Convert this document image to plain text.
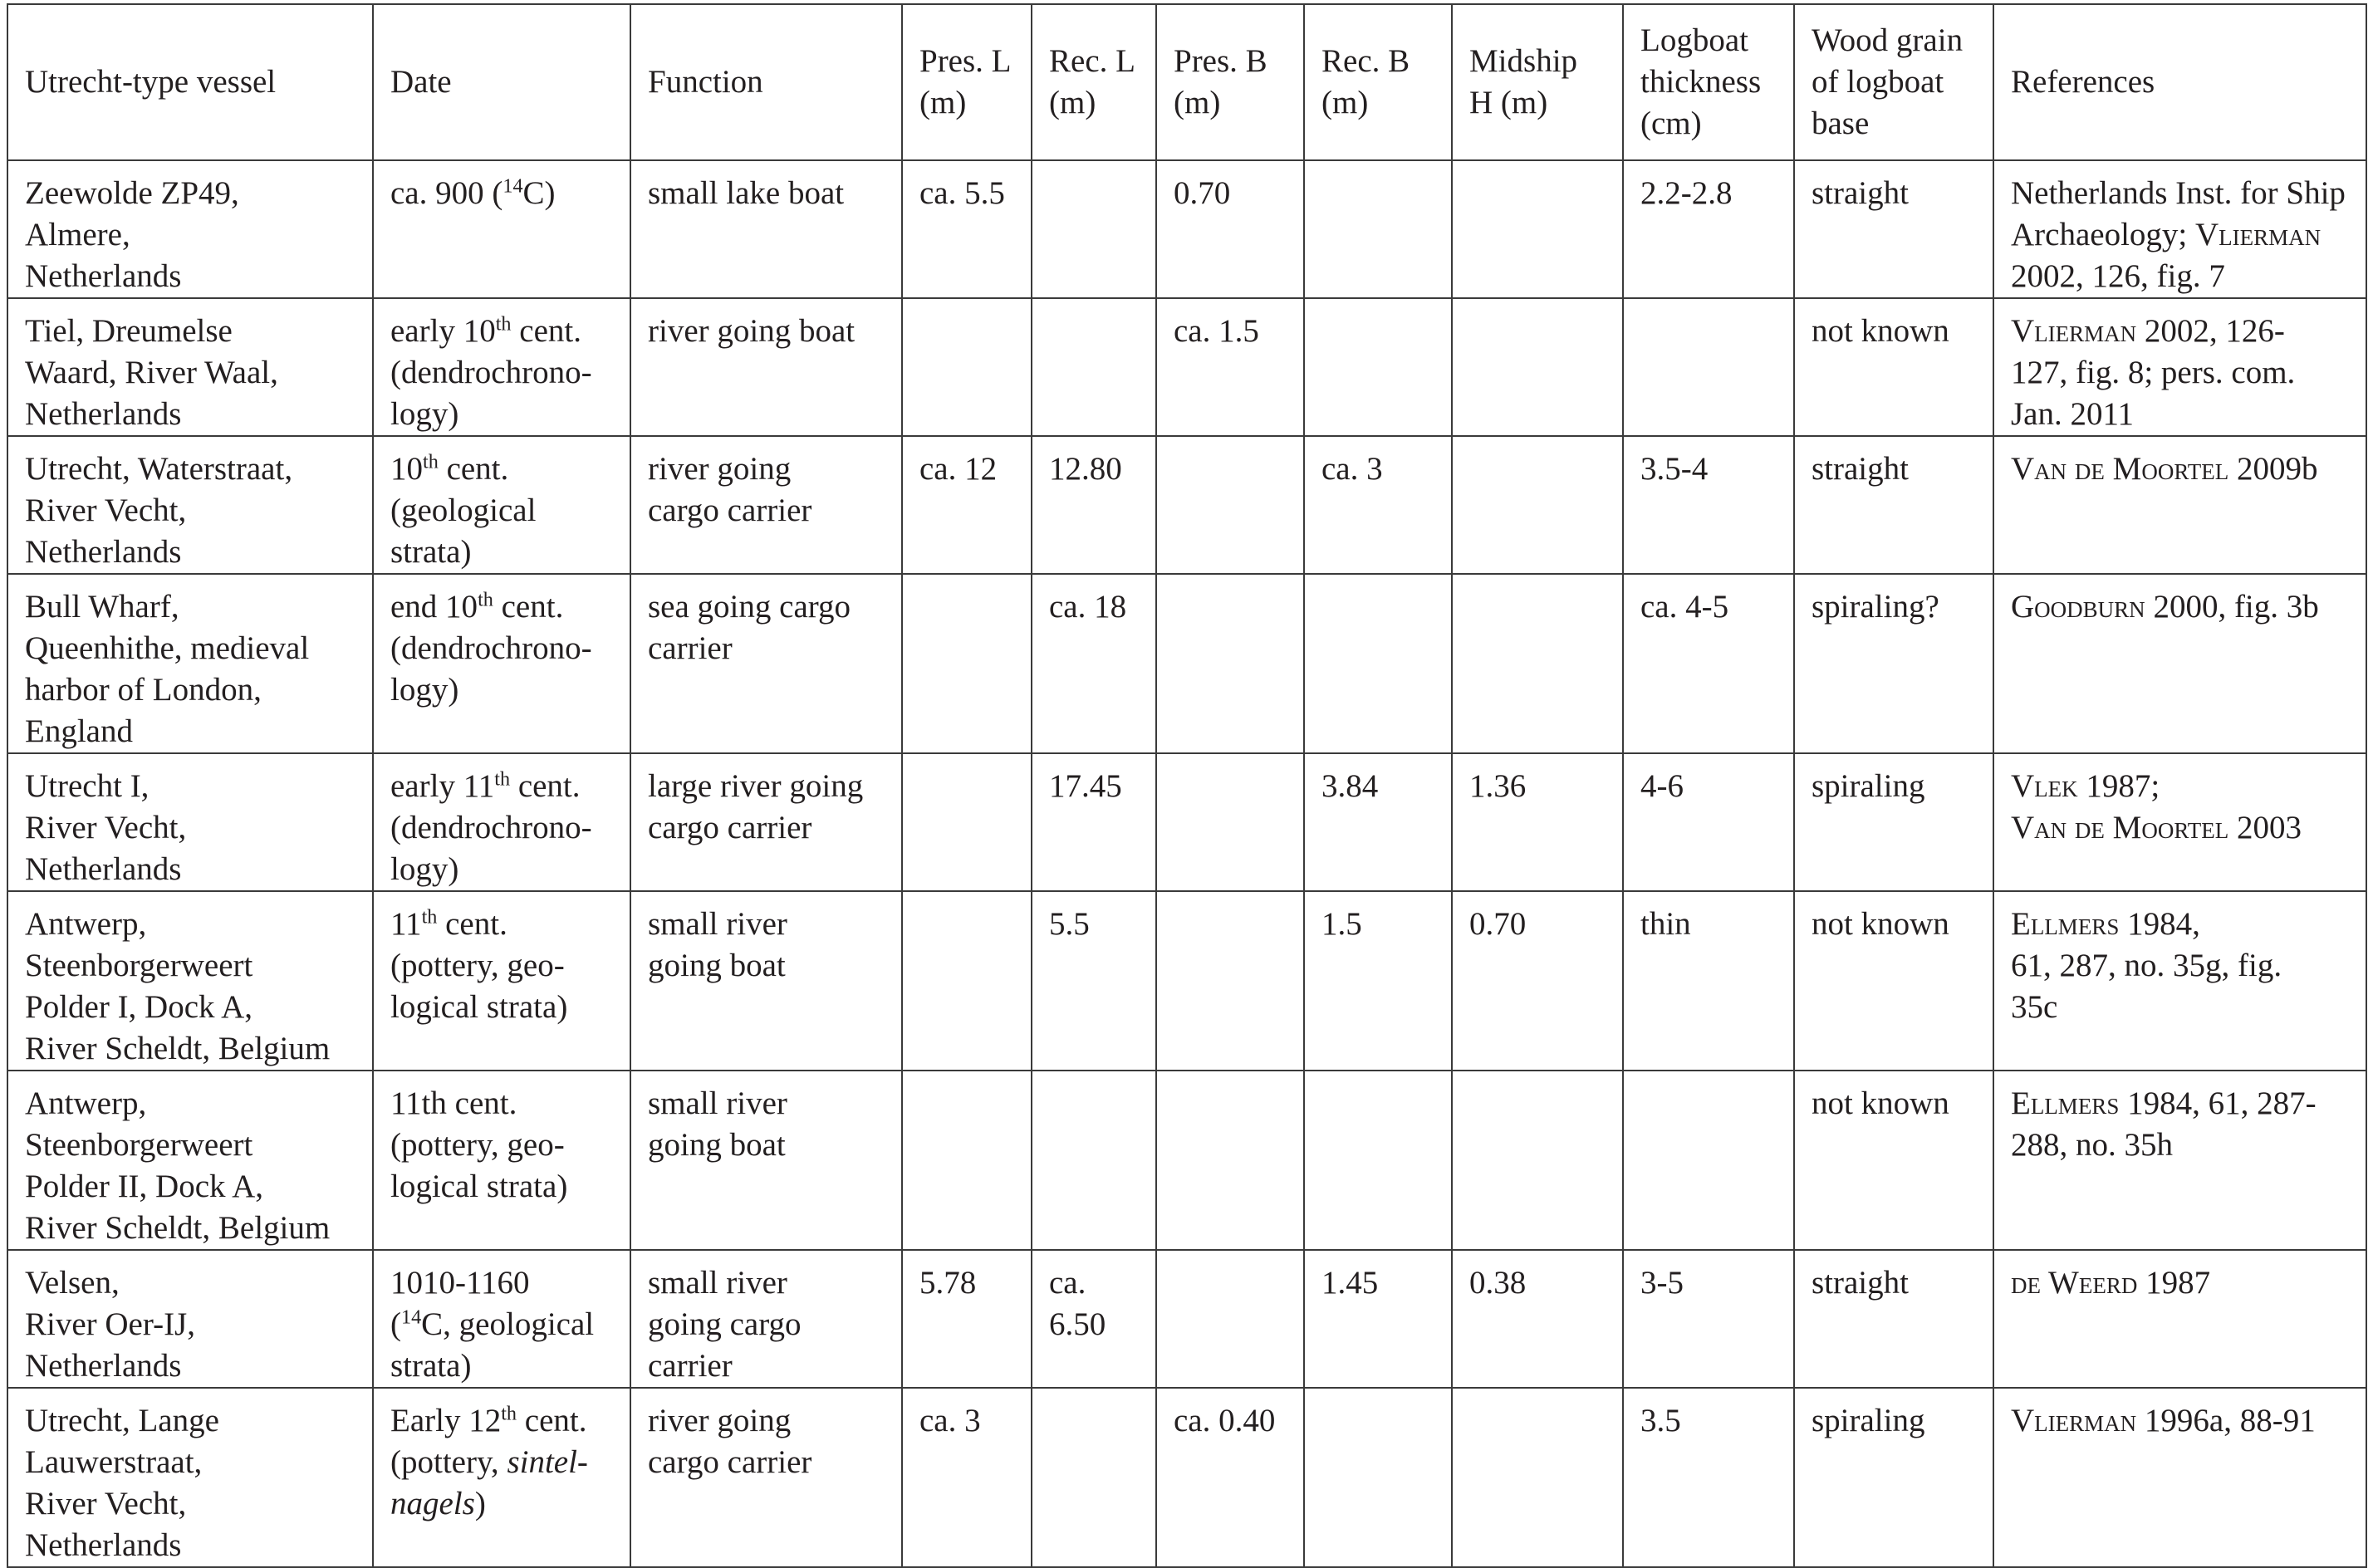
Utrecht-type vessel	Date	Function	Pres. L
(m)	Rec. L
(m)	Pres. B
(m)	Rec. B
(m)	Midship
H (m)	Logboat
thickness
(cm)	Wood grain
of logboat
base	References
Zeewolde ZP49,
Almere,
Netherlands	ca. 900 ($^{14}$C)	small lake boat	ca. 5.5		0.70			2.2-2.8	straight	Netherlands Inst. for Ship Archaeology; Vlierman
2002, 126, fig. 7
Tiel, Dreumelse
Waard, River Waal,
Netherlands	early 10th cent.
(dendrochrono-
logy)	river going boat			ca. 1.5				not known	Vlierman 2002, 126-
127, fig. 8; pers. com.
Jan. 2011
Utrecht, Waterstraat,
River Vecht,
Netherlands	10th cent.
(geological
strata)	river going
cargo carrier	ca. 12	12.80		ca. 3		3.5-4	straight	Van de Moortel 2009b
Bull Wharf,
Queenhithe, medieval
harbor of London,
England	end 10th cent.
(dendrochrono-
logy)	sea going cargo
carrier		ca. 18				ca. 4-5	spiraling?	Goodburn 2000, fig. 3b
Utrecht I,
River Vecht,
Netherlands	early 11th cent.
(dendrochrono-
logy)	large river going
cargo carrier		17.45		3.84	1.36	4-6	spiraling	Vlek 1987;
Van de Moortel 2003
Antwerp,
Steenborgerweert
Polder I, Dock A,
River Scheldt, Belgium	11th cent.
(pottery, geo-
logical strata)	small river
going boat		5.5		1.5	0.70	thin	not known	Ellmers 1984,
61, 287, no. 35g, fig.
35c
Antwerp,
Steenborgerweert
Polder II, Dock A,
River Scheldt, Belgium	11th cent.
(pottery, geo-
logical strata)	small river
going boat							not known	Ellmers 1984, 61, 287-
288, no. 35h
Velsen,
River Oer-IJ,
Netherlands	1010-1160
($^{14}$C, geological
strata)	small river
going cargo
carrier	5.78	ca.
6.50		1.45	0.38	3-5	straight	de Weerd 1987
Utrecht, Lange
Lauwerstraat,
River Vecht,
Netherlands	Early 12th cent.
(pottery, sintel-
nagels)	river going
cargo carrier	ca. 3		ca. 0.40			3.5	spiraling	Vlierman 1996a, 88-91
